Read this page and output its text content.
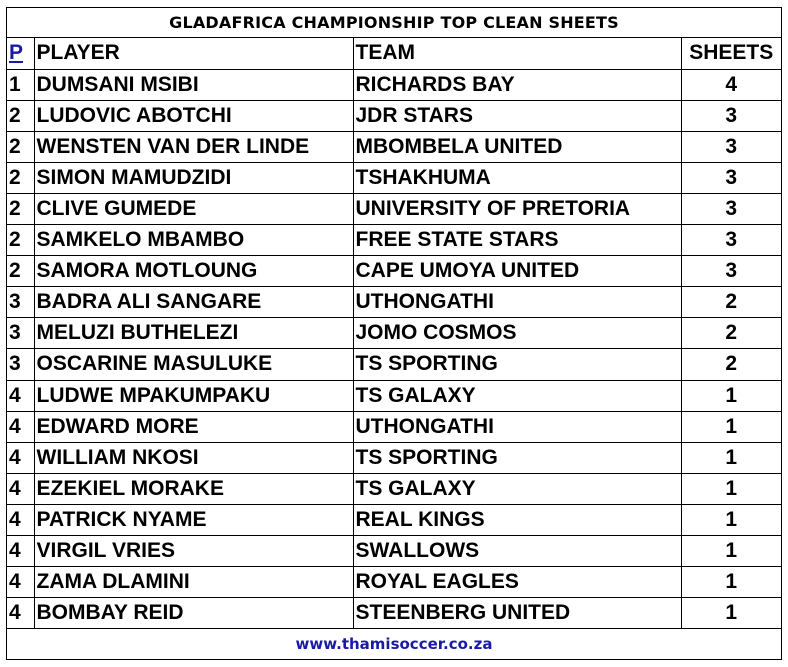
GLADAFRICA CHAMPIONSHIP TOP CLEAN SHEETS
P	PLAYER	TEAM	SHEETS
1	DUMSANI MSIBI	RICHARDS BAY	4
2	LUDOVIC ABOTCHI	JDR STARS	3
2	WENSTEN VAN DER LINDE	MBOMBELA UNITED	3
2	SIMON MAMUDZIDI	TSHAKHUMA	3
2	CLIVE GUMEDE	UNIVERSITY OF PRETORIA	3
2	SAMKELO MBAMBO	FREE STATE STARS	3
2	SAMORA MOTLOUNG	CAPE UMOYA UNITED	3
3	BADRA ALI SANGARE	UTHONGATHI	2
3	MELUZI BUTHELEZI	JOMO COSMOS	2
3	OSCARINE MASULUKE	TS SPORTING	2
4	LUDWE MPAKUMPAKU	TS GALAXY	1
4	EDWARD MORE	UTHONGATHI	1
4	WILLIAM NKOSI	TS SPORTING	1
4	EZEKIEL MORAKE	TS GALAXY	1
4	PATRICK NYAME	REAL KINGS	1
4	VIRGIL VRIES	SWALLOWS	1
4	ZAMA DLAMINI	ROYAL EAGLES	1
4	BOMBAY REID	STEENBERG UNITED	1
www.thamisoccer.co.za
